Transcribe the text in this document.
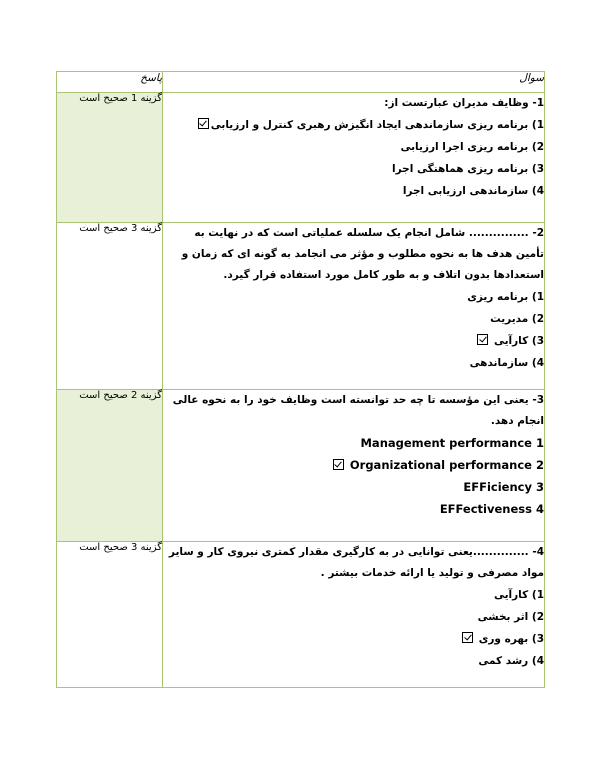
سوال	پاسخ

1- وظایف مدیران عبارتست از:
1) برنامه ریزی سازماندهی ایجاد انگیزش رهبری کنترل و ارزیابی
2) برنامه ریزی اجرا ارزیابی
3) برنامه ریزی هماهنگی اجرا
4) سازماندهی ارزیابی اجرا	گزینه 1 صحیح است

2- ............... شامل انجام یک سلسله عملیاتی است که در نهایت به تأمین هدف ها به نحوه مطلوب و مؤثر می انجامد به گونه ای که زمان و استعدادها بدون اتلاف و به طور کامل مورد استفاده قرار گیرد.
1) برنامه ریزی
2) مدیریت
3) کارآیی
4) سازماندهی	گزینه 3 صحیح است

3- یعنی این مؤسسه تا چه حد توانسته است وظایف خود را به نحوه عالی انجام دهد.
Management performance 1
Organizational performance 2
EFFiciency 3
EFFectiveness 4	گزینه 2 صحیح است

4- ..............یعنی توانایی در به کارگیری مقدار کمتری نیروی کار و سایر مواد مصرفی و تولید یا ارائه خدمات بیشتر .
1) کارآیی
2) اثر بخشی
3) بهره وری
4) رشد کمی	گزینه 3 صحیح است
